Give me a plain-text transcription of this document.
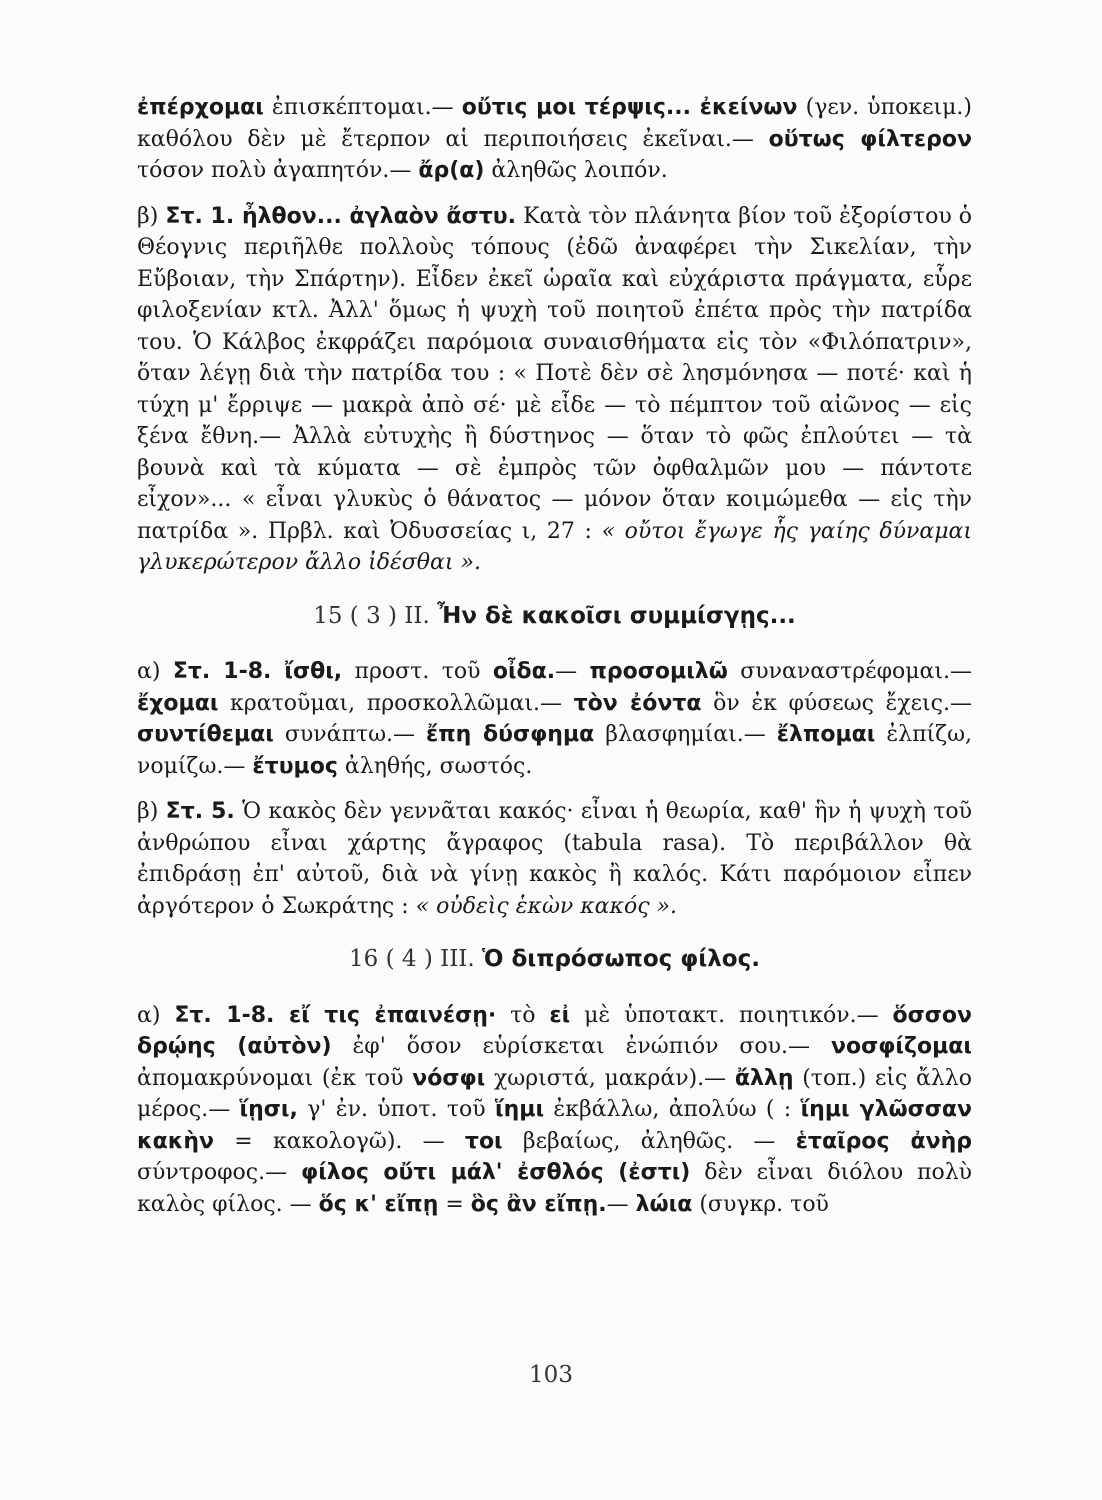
ἐπέρχομαι ἐπισκέπτομαι.— οὔτις μοι τέρψις... ἐκείνων (γεν. ὑποκειμ.) καθόλου δὲν μὲ ἔτερπον αἱ περιποιήσεις ἐκεῖναι.— οὕτως φίλτερον τόσον πολὺ ἀγαπητόν.— ἄρ(α) ἀληθῶς λοιπόν.

β) Στ. 1. ἦλθον... ἀγλαὸν ἄστυ. Κατὰ τὸν πλάνητα βίον τοῦ ἐξορίστου ὁ Θέογνις περιῆλθε πολλοὺς τόπους (ἐδῶ ἀναφέρει τὴν Σικελίαν, τὴν Εὔβοιαν, τὴν Σπάρτην). Εἶδεν ἐκεῖ ὡραῖα καὶ εὐχάριστα πράγματα, εὗρε φιλοξενίαν κτλ. Ἀλλ' ὅμως ἡ ψυχὴ τοῦ ποιητοῦ ἐπέτα πρὸς τὴν πατρίδα του. Ὁ Κάλβος ἐκφράζει παρόμοια συναισθήματα εἰς τὸν «Φιλόπατριν», ὅταν λέγῃ διὰ τὴν πατρίδα του : « Ποτὲ δὲν σὲ λησμόνησα — ποτέ· καὶ ἡ τύχη μ' ἔρριψε — μακρὰ ἀπὸ σέ· μὲ εἶδε — τὸ πέμπτον τοῦ αἰῶνος — εἰς ξένα ἔθνη.— Ἀλλὰ εὐτυχὴς ἢ δύστηνος — ὅταν τὸ φῶς ἐπλούτει — τὰ βουνὰ καὶ τὰ κύματα — σὲ ἐμπρὸς τῶν ὀφθαλμῶν μου — πάντοτε εἶχον»... « εἶναι γλυκὺς ὁ θάνατος — μόνον ὅταν κοιμώμεθα — εἰς τὴν πατρίδα ». Πρβλ. καὶ Ὀδυσσείας ι, 27 : « οὔτοι ἔγωγε ἧς γαίης δύναμαι γλυκερώτερον ἄλλο ἰδέσθαι ».

15 ( 3 ) II. Ἦν δὲ κακοῖσι συμμίσγῃς...

α) Στ. 1-8. ἴσθι, προστ. τοῦ οἶδα.— προσομιλῶ συναναστρέφομαι.— ἔχομαι κρατοῦμαι, προσκολλῶμαι.— τὸν ἐόντα ὃν ἐκ φύσεως ἔχεις.— συντίθεμαι συνάπτω.— ἔπη δύσφημα βλασφημίαι.— ἔλπομαι ἐλπίζω, νομίζω.— ἔτυμος ἀληθής, σωστός.

β) Στ. 5. Ὁ κακὸς δὲν γεννᾶται κακός· εἶναι ἡ θεωρία, καθ' ἣν ἡ ψυχὴ τοῦ ἀνθρώπου εἶναι χάρτης ἄγραφος (tabula rasa). Τὸ περιβάλλον θὰ ἐπιδράσῃ ἐπ' αὐτοῦ, διὰ νὰ γίνῃ κακὸς ἢ καλός. Κάτι παρόμοιον εἶπεν ἀργότερον ὁ Σωκράτης : « οὐδεὶς ἑκὼν κακός ».

16 ( 4 ) III. Ὁ διπρόσωπος φίλος.

α) Στ. 1-8. εἴ τις ἐπαινέσῃ· τὸ εἰ μὲ ὑποτακτ. ποιητικόν.— ὅσσον δρῴης (αὐτὸν) ἐφ' ὅσον εὑρίσκεται ἐνώπιόν σου.— νοσφίζομαι ἀπομακρύνομαι (ἐκ τοῦ νόσφι χωριστά, μακράν).— ἄλλῃ (τοπ.) εἰς ἄλλο μέρος.— ἵῃσι, γ' ἐν. ὑποτ. τοῦ ἵημι ἐκβάλλω, ἀπολύω ( : ἵημι γλῶσσαν κακὴν = κακολογῶ). — τοι βεβαίως, ἀληθῶς. — ἑταῖρος ἀνὴρ σύντροφος.— φίλος οὔτι μάλ' ἐσθλός (ἐστι) δὲν εἶναι διόλου πολὺ καλὸς φίλος. — ὅς κ' εἴπῃ = ὃς ἂν εἴπῃ.— λώια (συγκρ. τοῦ

103
